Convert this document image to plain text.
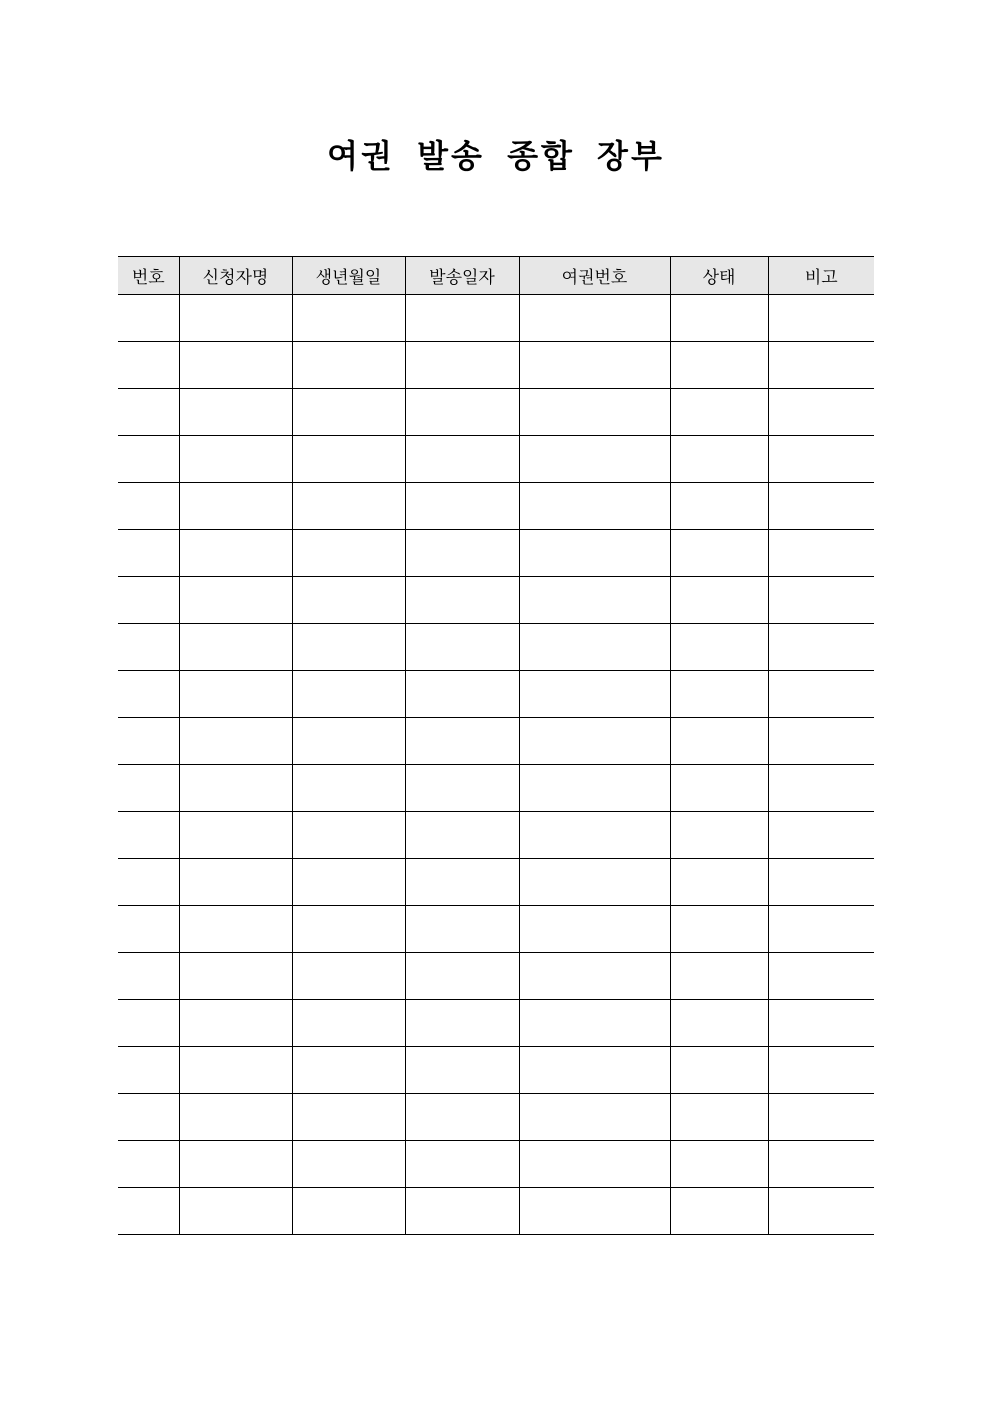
여권 발송 종합 장부
번호	신청자명	생년월일	발송일자	여권번호	상태	비고
